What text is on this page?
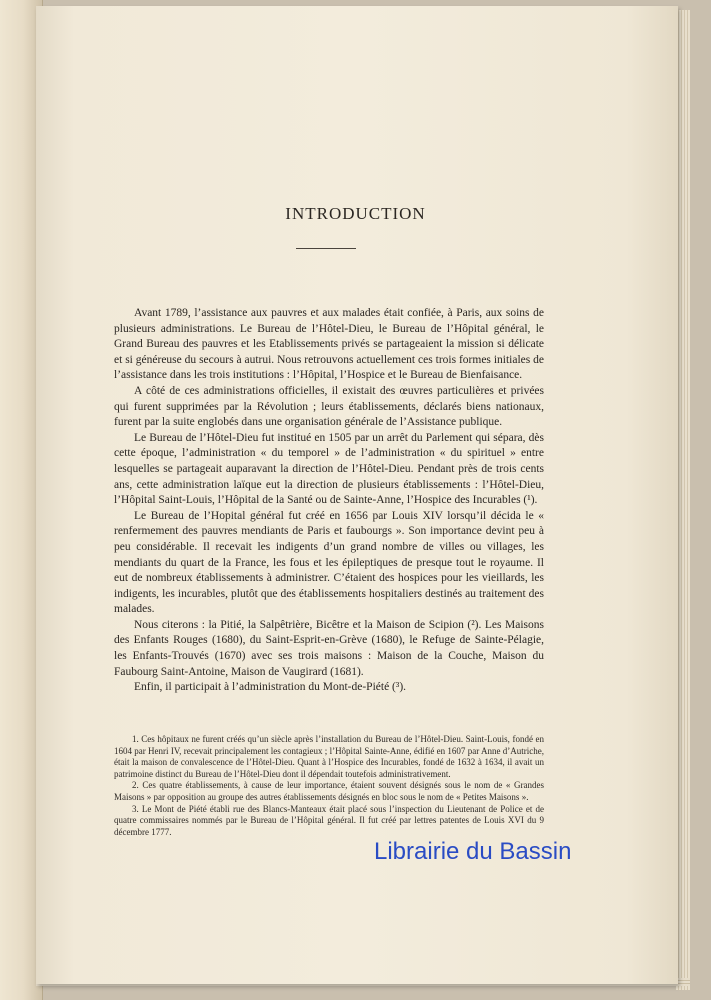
INTRODUCTION

Avant 1789, l’assistance aux pauvres et aux malades était confiée, à Paris, aux soins de plusieurs administrations. Le Bureau de l’Hôtel-Dieu, le Bureau de l’Hôpital général, le Grand Bureau des pauvres et les Etablissements privés se partageaient la mission si délicate et si généreuse du secours à autrui. Nous retrouvons actuellement ces trois formes initiales de l’assistance dans les trois institutions : l’Hôpital, l’Hospice et le Bureau de Bienfaisance.

A côté de ces administrations officielles, il existait des œuvres particulières et privées qui furent supprimées par la Révolution ; leurs établissements, déclarés biens nationaux, furent par la suite englobés dans une organisation générale de l’Assistance publique.

Le Bureau de l’Hôtel-Dieu fut institué en 1505 par un arrêt du Parlement qui sépara, dès cette époque, l’administration « du temporel » de l’administration « du spirituel » entre lesquelles se partageait auparavant la direction de l’Hôtel-Dieu. Pendant près de trois cents ans, cette administration laïque eut la direction de plusieurs établissements : l’Hôtel-Dieu, l’Hôpital Saint-Louis, l’Hôpital de la Santé ou de Sainte-Anne, l’Hospice des Incurables (¹).

Le Bureau de l’Hopital général fut créé en 1656 par Louis XIV lorsqu’il décida le « renfermement des pauvres mendiants de Paris et faubourgs ». Son importance devint peu à peu considérable. Il recevait les indigents d’un grand nombre de villes ou villages, les mendiants du quart de la France, les fous et les épileptiques de presque tout le royaume. Il eut de nombreux établissements à administrer. C’étaient des hospices pour les vieillards, les indigents, les incurables, plutôt que des établissements hospitaliers destinés au traitement des malades.

Nous citerons : la Pitié, la Salpêtrière, Bicêtre et la Maison de Scipion (²). Les Maisons des Enfants Rouges (1680), du Saint-Esprit-en-Grève (1680), le Refuge de Sainte-Pélagie, les Enfants-Trouvés (1670) avec ses trois maisons : Maison de la Couche, Maison du Faubourg Saint-Antoine, Maison de Vaugirard (1681).

Enfin, il participait à l’administration du Mont-de-Piété (³).

1. Ces hôpitaux ne furent créés qu’un siècle après l’installation du Bureau de l’Hôtel-Dieu. Saint-Louis, fondé en 1604 par Henri IV, recevait principalement les contagieux ; l’Hôpital Sainte-Anne, édifié en 1607 par Anne d’Autriche, était la maison de convalescence de l’Hôtel-Dieu. Quant à l’Hospice des Incurables, fondé de 1632 à 1634, il avait un patrimoine distinct du Bureau de l’Hôtel-Dieu dont il dépendait toutefois administrativement.

2. Ces quatre établissements, à cause de leur importance, étaient souvent désignés sous le nom de « Grandes Maisons » par opposition au groupe des autres établissements désignés en bloc sous le nom de « Petites Maisons ».

3. Le Mont de Piété établi rue des Blancs-Manteaux était placé sous l’inspection du Lieutenant de Police et de quatre commissaires nommés par le Bureau de l’Hôpital général. Il fut créé par lettres patentes de Louis XVI du 9 décembre 1777.

Librairie du Bassin
